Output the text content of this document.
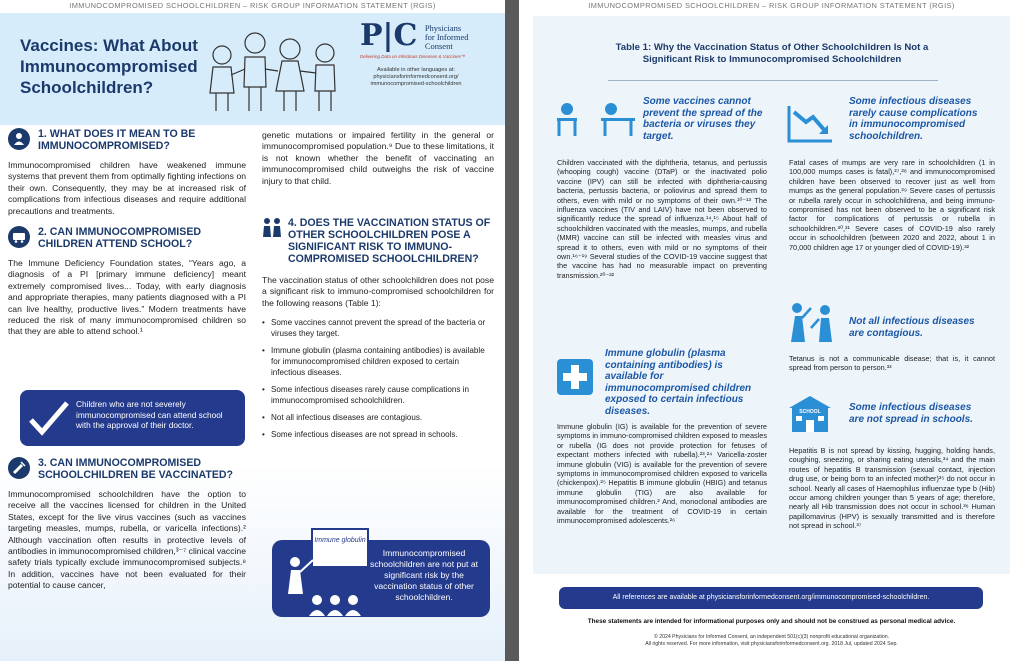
IMMUNOCOMPROMISED SCHOOLCHILDREN – RISK GROUP INFORMATION STATEMENT (RGIS)
Vaccines: What About Immunocompromised Schoolchildren?
P|C Physicians
for Informed
Consent
Delivering Data on Infectious Diseases & Vaccines™
Available in other languages at:
physiciansforinformedconsent.org/
immunocompromised-schoolchildren
1. WHAT DOES IT MEAN TO BE IMMUNOCOMPROMISED?
Immunocompromised children have weakened immune systems that prevent them from optimally fighting infections on their own. Consequently, they may be at increased risk of complications from infectious diseases and require additional precautions and treatments.
2. CAN IMMUNOCOMPROMISED CHILDREN ATTEND SCHOOL?
The Immune Deficiency Foundation states, “Years ago, a diagnosis of a PI [primary immune deficiency] meant extremely compromised lives... Today, with early diagnosis and appropriate therapies, many patients diagnosed with a PI can live healthy, productive lives.” Modern treatments have reduced the risk of many immunocompromised children so that they are able to attend school.¹
Children who are not severely immunocompromised can attend school with the approval of their doctor.
3. CAN IMMUNOCOMPROMISED SCHOOLCHILDREN BE VACCINATED?
Immunocompromised schoolchildren have the option to receive all the vaccines licensed for children in the United States, except for the live virus vaccines (such as vaccines targeting measles, mumps, rubella, or varicella infections).² Although vaccination often results in protective levels of antibodies in immunocompromised children,³⁻⁷ clinical vaccine safety trials typically exclude immunocompromised subjects.⁸ In addition, vaccines have not been evaluated for their potential to cause cancer,
genetic mutations or impaired fertility in the general or immunocompromised population.⁹ Due to these limitations, it is not known whether the benefit of vaccinating an immunocompromised child outweighs the risk of vaccine injury to that child.
4. DOES THE VACCINATION STATUS OF OTHER SCHOOLCHILDREN POSE A SIGNIFICANT RISK TO IMMUNO-COMPROMISED SCHOOLCHILDREN?
The vaccination status of other schoolchildren does not pose a significant risk to immuno-compromised schoolchildren for the following reasons (Table 1):
• Some vaccines cannot prevent the spread of the bacteria or viruses they target.
• Immune globulin (plasma containing antibodies) is available for immunocompromised children exposed to certain infectious diseases.
• Some infectious diseases rarely cause complications in immunocompromised schoolchildren.
• Not all infectious diseases are contagious.
• Some infectious diseases are not spread in schools.
Immunocompromised schoolchildren are not put at significant risk by the vaccination status of other schoolchildren.
Immune globulin
IMMUNOCOMPROMISED SCHOOLCHILDREN – RISK GROUP INFORMATION STATEMENT (RGIS)
Table 1: Why the Vaccination Status of Other Schoolchildren Is Not a Significant Risk to Immunocompromised Schoolchildren
Some vaccines cannot prevent the spread of the bacteria or viruses they target.
Children vaccinated with the diphtheria, tetanus, and pertussis (whooping cough) vaccine (DTaP) or the inactivated polio vaccine (IPV) can still be infected with diphtheria-causing bacteria, pertussis bacteria, or poliovirus and spread them to others, even with mild or no symptoms of their own.¹⁰⁻¹³ The influenza vaccines (TIV and LAIV) have not been observed to significantly reduce the spread of influenza.¹⁴,¹⁵ About half of schoolchildren vaccinated with the measles, mumps, and rubella (MMR) vaccine can still be infected with measles virus and spread it to others, even with mild or no symptoms of their own.¹⁶⁻¹⁹ Several studies of the COVID-19 vaccine suggest that the vaccine has had no measurable impact on preventing transmission.²⁰⁻²²
Immune globulin (plasma containing antibodies) is available for immunocompromised children exposed to certain infectious diseases.
Immune globulin (IG) is available for the prevention of severe symptoms in immuno-compromised children exposed to measles or rubella (IG does not provide protection for fetuses of expectant mothers infected with rubella).²³,²⁴ Varicella-zoster immune globulin (VIG) is available for the prevention of severe symptoms in immunocompromised children exposed to varicella (chickenpox).²⁵ Hepatitis B immune globulin (HBIG) and tetanus immune globulin (TIG) are also available for immunocompromised children.² And, monoclonal antibodies are available for the treatment of COVID-19 in certain immunocompromised adolescents.²⁶
Some infectious diseases rarely cause complications in immunocompromised schoolchildren.
Fatal cases of mumps are very rare in schoolchildren (1 in 100,000 mumps cases is fatal),²⁷,²⁸ and immunocompromised children have been observed to recover just as well from mumps as the general population.²⁹ Severe cases of pertussis or rubella rarely occur in schoolchildrena, and being immuno-compromised has not been observed to be a significant risk factor for complications of pertussis or rubella in schoolchildren.³⁰,³¹ Severe cases of COVID-19 also rarely occur in schoolchildren (between 2020 and 2022, about 1 in 70,000 children age 17 or younger died of COVID-19).³²
Not all infectious diseases are contagious.
Tetanus is not a communicable disease; that is, it cannot spread from person to person.³³
SCHOOL	Some infectious diseases are not spread in schools.
Hepatitis B is not spread by kissing, hugging, holding hands, coughing, sneezing, or sharing eating utensils,³⁴ and the main routes of hepatitis B transmission (sexual contact, injection drug use, or being born to an infected mother)³⁵ do not occur in school. Nearly all cases of Haemophilus influenzae type b (Hib) occur among children younger than 5 years of age; therefore, nearly all Hib transmission does not occur in school.³⁶ Human papillomavirus (HPV) is sexually transmitted and is therefore not spread in school.³⁷
All references are available at physiciansforinformedconsent.org/immunocompromised-schoolchildren.
These statements are intended for informational purposes only and should not be construed as personal medical advice.
© 2024 Physicians for Informed Consent, an independent 501(c)(3) nonprofit educational organization.
All rights reserved. For more information, visit physiciansforinformedconsent.org. 2018 Jul, updated 2024 Sep.
